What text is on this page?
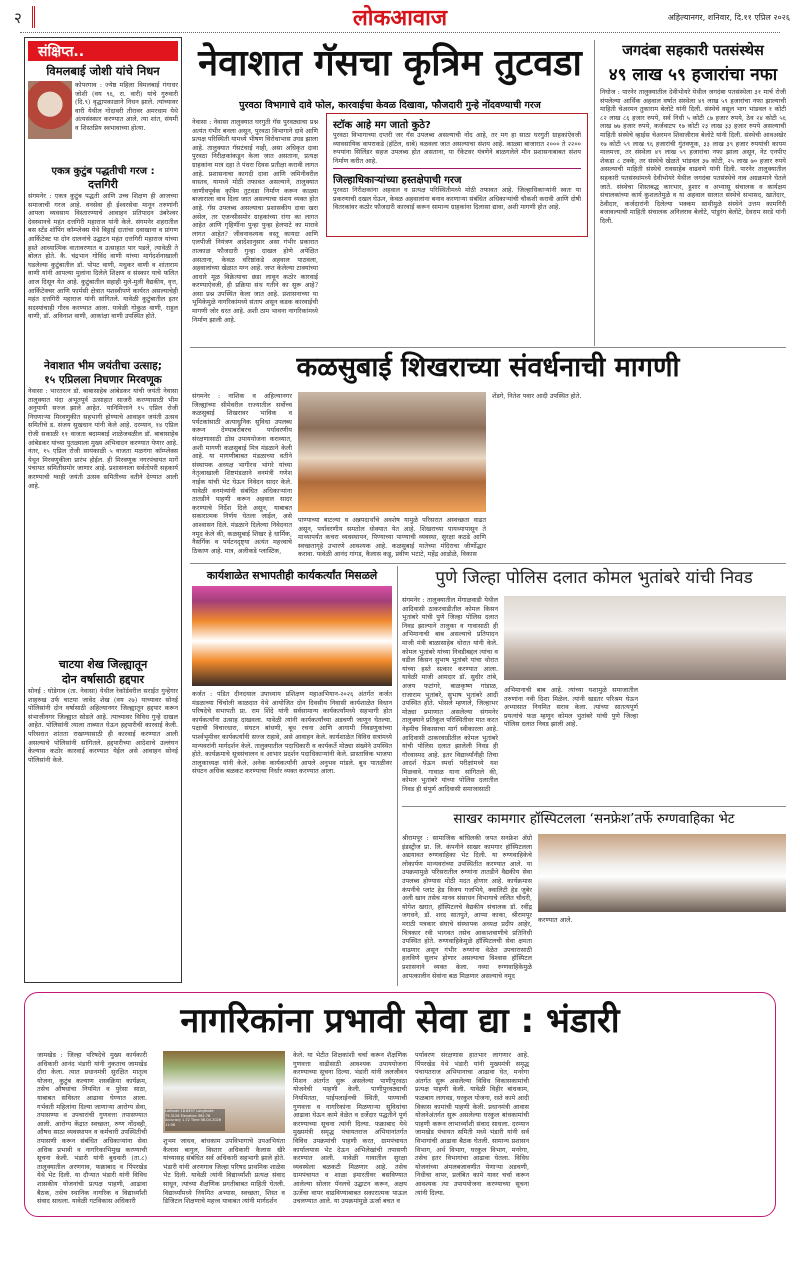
२	लोकआवाज	अहिल्यानगर, शनिवार, दि.११ एप्रिल २०२६
संक्षिप्त..
विमलबाई जोशी यांचे निधन
कोपरगाव : ज्येष्ठ महिला विमलबाई गंगाधर जोशी (वय ९६, रा. वारी) यांचे गुरुवारी (दि.९) वृद्धापकाळाने निधन झाले. त्यांच्यावर वारी येथील गोदावरी तीरावर अमरधाम येथे अंत्यसंस्कार करण्यात आले. त्या शांत, संयमी व शिस्तप्रिय स्वभावाच्या होत्या.
एकत्र कुटुंब पद्धतीची गरज :
दत्तगिरी
संगमनेर : एकत्र कुटुंब पद्धती आणि उच्च शिक्षण ही आजच्या समाजाची गरज आहे. वनसेवा ही ईश्वरसेवा मानून तरुणांनी आपला व्यवसाय विस्तारण्याचे आवाहन प्रतिपादन उंबरेश्वर देवस्थानचे महंत दत्तगिरी महाराज यांनी केले. संगमनेर शहरातील बस स्टँड शॉपिंग कॉम्प्लेक्स येथे बिठ्ठाई दातांचा दवाखाना व प्रांगण आर्किटेक्ट या दोन दालनांचे उद्घाटन महंत दत्तगिरी महाराज यांच्या हस्ते आध्यात्मिक वातावरणात व उत्साहात पार पडले, त्यावेळी ते बोलत होते. कै. चंद्रभान गोविंद वाणी यांच्या मार्गदर्शनाखाली घडलेल्या कुटुंबातील डॉ. पोपट वाणी, मधुकर वाणी व शांताराम वाणी यांनी आपल्या मुलांना दिलेले शिक्षण व संस्कार याचे फलित आज दिसून येत आहे. कुटुंबातील सहाही मुले-मुली वैद्यकीय, वृत्त, आर्किटेक्चर आणि फार्मसी क्षेत्रात यशस्वीपणे कार्यरत असल्याचेही महंत दत्तगिरी महाराज यांनी सांगितले. यावेळी कुटुंबातील इतर सदस्यांचाही गौरव करण्यात आला. यावेळी गोकुळ वाणी, राहुल वाणी, डॉ. अविनाश वाणी, आकांक्षा वाणी उपस्थित होते.
नेवाशात भीम जयंतीचा उत्साह;
१५ एप्रिलला निघणार मिरवणूक
नेवासा : भारतरत्न डॉ. बाबासाहेब आंबेडकर यांची जयंती नेवासा तालुक्यात यंदा अभूतपूर्व उत्साहात साजरी करण्यासाठी भीम अनुयायी सज्ज झाले आहेत. यानिमित्ताने १५ एप्रिल रोजी निघणाऱ्या मिरवणुकीत सहभागी होण्याचे आवाहन जयंती उत्सव समितीचे ड. संजय सुखधान यांनी केले आहे. दरम्यान, १४ एप्रिल रोजी सकाळी ११ वाजता बदामबाई शाळेजवळील डॉ. बाबासाहेब आंबेडकर यांच्या पुतळ्याला मुख्य अभिवादन करण्यात येणार आहे. नंतर, १५ एप्रिल रोजी सायंकाळी ५ वाजता मळगंगा कॉम्प्लेक्स येथून मिरवणुकीला प्रारंभ होईल. ही मिरवणूक नगरपंचायत मार्गे पंचायत समितीसमोर जाणार आहे. प्रशासनाला सर्वतोपरी सहकार्य करण्याची ग्वाही जयंती उत्सव समितीच्या वतीने देण्यात आली आहे.
चाटया शेख जिल्ह्यातून
दोन वर्षासाठी हद्दपार
सोनई : घोडेगाव (ता. नेवासा) येथील रेकॉर्डवरील सराईत गुन्हेगार शाहरुख उर्फ चाटया जावेद शेख (वय २७) याच्यावर सोनई पोलिसांनी दोन वर्षासाठी अहिल्यानगर जिल्ह्यातून हद्दपार करून संभाजीनगर जिल्ह्यात सोडले आहे. त्याच्यावर विविध गुन्हे दाखल आहेत. पोलिसांनी त्याला ताब्यात घेऊन हद्दपारीची कारवाई केली. परिसरात शांतता राखण्यासाठी ही कारवाई करण्यात आली असल्याचे पोलिसांनी सांगितले. हद्दपारीच्या आदेशाचे उल्लंघन केल्यास कठोर कारवाई करण्यात येईल असे आवाहन सोनई पोलिसांनी केले.
नेवाशात गॅसचा कृत्रिम तुटवडा
पुरवठा विभागाचे दावे फोल, कारवाईचा केवळ दिखावा, फौजदारी गुन्हे नोंदवण्याची गरज
नेवासा : नेवासा तालुक्यात घरगुती गॅस पुरवठ्याचा प्रश्न अत्यंत गंभीर बनला असून, पुरवठा विभागाने दावे आणि प्रत्यक्ष परिस्थिती यामध्ये भीषण विरोधाभास उघड झाला आहे. तालुक्यात गॅसटंचाई नाही, असा अधिकृत दावा पुरवठा निरीक्षकांकडून केला जात असताना, प्रत्यक्ष ग्राहकांना मात्र दहा ते पंधरा दिवस प्रतीक्षा करावी लागत आहे. प्रशासनाचा कागदी दावा आणि जमिनीवरील वास्तव, यामध्ये मोठी तफावत असल्याने, तालुक्यात जाणीवपूर्वक कृत्रिम तुटवडा निर्माण करून काळ्या बाजाराला वाव दिला जात असल्याचा संशय व्यक्त होत आहे. गॅस उपलब्ध असल्याचा प्रशासकीय दावा खरा असेल, तर एजन्सीसमोर ग्राहकांच्या रांगा का लागत आहेत आणि गृहिणींना पुन्हा पुन्हा हेलपाटे का मारावे लागत आहेत? जीवनावश्यक वस्तू कायदा आणि एलपीजी नियंत्रण आदेशानुसार असा गंभीर प्रकारात तात्काळ फौजदारी गुन्हा दाखल होणे अपेक्षित असताना, केवळ वरिष्ठांकडे अहवाल पाठवला, अहवालांच्या खेळात मग्न आहे. जप्त केलेल्या टाक्यांच्या आधारे मूळ विक्रेत्याचा छडा लावून कठोर कारवाई करण्याऐवजी, ही प्रक्रिया संथ गतीने का सुरू आहे? असा प्रश्न उपस्थित केला जात आहे. प्रशासनाच्या या भूमिकेमुळे नागरिकांमध्ये संताप असून कडक कारवाईची मागणी जोर धरत आहे. अशी ठाम भावना नागरिकांमध्ये निर्माण झाली आहे.
स्टॉक आहे मग जातो कुठे?
पुरवठा विभागाच्या दप्तरी जर गॅस उपलब्ध असल्याची नोंद आहे, तर मग हा साठा घरगुती ग्राहकांऐवजी व्यावसायिक वापराकडे (हॉटेल, धाबे) वळवला जात असल्याचा संशय आहे. काळ्या बाजारात २००० ते २२०० रुपयांना सिलिंडर सहज उपलब्ध होत असताना, या रॅकेटवर यंत्रणेने बाळगलेले मौन प्रशासनाबाबत संशय निर्माण करीत आहे.
जिल्हाधिकाऱ्यांच्या हस्तक्षेपाची गरज
पुरवठा निरीक्षकांना अहवाल व प्रत्यक्ष परिस्थितीमध्ये मोठी तफावत आहे. जिल्हाधिकाऱ्यांनी स्वतः या प्रकरणाची दखल घेऊन, केवळ अहवालांना बनाव करणाऱ्या संबंधित अधिकाऱ्यांची चौकशी करावी आणि दोषी वितरकांवर कठोर फौजदारी कारवाई करून सामान्य ग्राहकांना दिलासा द्यावा, अशी मागणी होत आहे.
जगदंबा सहकारी पतसंस्थेस
४९ लाख ५९ हजारांचा नफा
निघोज : पारनेर तालुक्यातील देवीभोयरे येथील जगदंबा पतसंस्थेला ३१ मार्च रोजी संपलेल्या आर्थिक अहवाल वर्षात संस्थेला ४९ लाख ५९ हजारांचा नफा झाल्याची माहिती चेअरमन तुकाराम बेलोटे यांनी दिली. संस्थेचे वसूल भाग भांडवल १ कोटी ८२ लाख ८६ हजार रुपये, सर्व निधी ५ कोटी ८७ हजार रुपये, ठेव २४ कोटी ५६ लाख ७७ हजार रुपये, कर्जवाटप १७ कोटी २३ लाख ३३ हजार रुपये असल्याची माहिती संस्थेचे व्हाईस चेअरमन शिवाजीराव बेलोटे यांनी दिली. संस्थेची आवअखेर १७ कोटी ५९ लाख ९६ हजारांची गुंतवणूक, ३३ लाख ३९ हजार रुपयांची कायम मालमत्ता, तर संस्थेला ४९ लाख ५९ हजारांचा नफा झाला असून, नेट एनपीए शेकडा ८ टक्के, तर संस्थेचे खेळते भांडवल ३७ कोटी, २५ लाख ७० हजार रुपये असल्याची माहिती संस्थेचे रावसाहेब वाढवणे यांनी दिली. पारनेर तालुक्यातील सहकारी पतसंस्थांमध्ये देवीभोयरे येथील जगदंबा पतसंस्थेचे नाव अग्रक्रमाने घेतले जाते. संस्थेचा शिस्तबद्ध कारभार, हुशार व अभ्यासू संचालक व कार्यक्षम संचालकांच्या कार्य कुशलतेमुळे व या अहवाल सालात संस्थेचे सभासद, खातेदार, ठेवीदार, कर्जदारांनी दिलेल्या भक्कम साथीमुळे संस्थेने उत्तम कामगिरी बजावल्याची माहिती संचालक अनिलराव बेलोटे, पांडुरंग बेलोटे, देवराम सरडे यांनी दिली.
कळसुबाई शिखराच्या संवर्धनाची मागणी
संगमनेर : नाशिक व अहिल्यानगर जिल्ह्यांच्या सीमेवरील राज्यातील सर्वोच्च कळसुबाई शिखरावर भाविक व पर्यटकांसाठी अत्याधुनिक सुविधा उपलब्ध करून देण्याबरोबरच पर्यावरणीय संरक्षणासाठी ठोस उपाययोजना कराव्यात, अशी मागणी कळसुबाई मित्र मंडळाने केली आहे. या मागणीबाबत मंडळाच्या वतीने संस्थापक अध्यक्ष भागीरथ भांगरे यांच्या नेतृत्वाखाली शिष्टमंडळाने वनमंत्री गणेश नाईक यांची भेट घेऊन निवेदन सादर केले. यावेळी वनमंत्र्यांनी संबंधित अधिकाऱ्यांना तातडीने पाहणी करून अहवाल सादर करण्याचे निर्देश दिले असून, याबाबत सकारात्मक निर्णय घेतला जाईल, असे आश्वासन दिले. मंडळाने दिलेल्या निवेदनात नमूद केले की, कळसुबाई शिखर हे धार्मिक, नैसर्गिक व पर्यटनदृष्ट्या अत्यंत महत्त्वाचे ठिकाण आहे. मात्र, अलीकडे प्लास्टिक,
पाण्याच्या बाटल्या व अन्नपदार्थांचे अवशेष यामुळे परिसरात अस्वच्छता वाढत असून, पर्यावरणीय समतोल धोक्यात येत आहे. शिखराच्या पायथ्यापासून ते माथ्यापर्यंत कचरा व्यवस्थापन, पिण्याच्या पाण्याची व्यवस्था, सुरक्षा कठडे आणि स्वच्छतागृहे उभारणे आवश्यक आहे. कळसुबाई मातेच्या मंदिराचा जीर्णोद्धार करावा. यावेळी आनंद गांगड, कैलास कडू, प्रवीण भटाटे, महेंद्र आडोळे, विकास
शेंडगे, नितेश पवार आदी उपस्थित होते.
कार्यशाळेत सभापतीही कार्यकर्त्यांत मिसळले
कर्जत : पंडित दीनदयाल उपाध्याय प्रशिक्षण महाअभियान-२०२६ अंतर्गत कर्जत मंडळाच्या चिंचोली काळदात येथे आयोजित दोन दिवसीय निवासी कार्यशाळेत विधान परिषदेचे सभापती प्रा. राम शिंदे यांनी सर्वसामान्य कार्यकर्त्यांमध्ये सहभागी होत कार्यकर्त्यांना उत्साह दाखवला. यावेळी त्यांनी कार्यकर्त्यांच्या अडचणी जाणून घेतल्या. पक्षाची विचारधारा, संघटन बांधणी, बूथ रचना आणि आगामी निवडणुकांच्या पार्श्वभूमीवर कार्यकर्त्यांनी सज्ज राहावे, असे आवाहन केले. कार्यशाळेत विविध सत्रांमध्ये मान्यवरांनी मार्गदर्शन केले. तालुक्यातील पदाधिकारी व कार्यकर्ते मोठ्या संख्येने उपस्थित होते. कार्यक्रमाचे सूत्रसंचालन व आभार प्रदर्शन पदाधिकाऱ्यांनी केले. प्रास्ताविक भाजपा तालुकाध्यक्ष यांनी केले. अनेक कार्यकर्त्यांनी आपले अनुभव मांडले. बूथ पातळीवर संघटन अधिक बळकट करण्याचा निर्धार व्यक्त करण्यात आला.
पुणे जिल्हा पोलिस दलात कोमल भुतांबरे यांची निवड
संगमनेर : तालुक्यातील मेंगाळवाडी येथील आदिवासी ठाकरवाडीतील कोमल किसन भुतांबरे यांची पुणे जिल्हा पोलिस दलात निवड झाल्याने तालुका व गावासाठी ही अभिमानाची बाब असल्याचे प्रतिपादन माजी मंत्री बाळासाहेब थोरात यांनी केले. कोमल भुतांबरे यांच्या निवडीबद्दल त्यांचा व वडील किसन सुभाष भुतांबरे यांचा थोरात यांच्या हस्ते सत्कार करण्यात आला. यावेळी माजी आमदार डॉ. सुधीर तांबे, अजय फटांगरे, बाळकृष्ण गांडाळ, राजाराम भुतांबरे, सुभाष भुतांबरे आदी उपस्थित होते. भोसले म्हणाले, जिल्हाभर मोठ्या प्रमाणात असलेल्या संगमनेर तालुक्याने प्रतिकूल परिस्थितीवर मात करत नेहमीच विकासाचा मार्ग स्वीकारला आहे. आदिवासी ठाकरवाडीतील कोमल भुतांबरे यांची पोलिस दलात झालेली निवड ही गौरवास्पद आहे. इतर विद्यार्थ्यांनीही तिचा आदर्श घेऊन स्पर्धा परीक्षांमध्ये यश मिळवावे. गावाळ याना सांगितले की, कोमल भुतांबरे यांच्या पोलिस दलातील निवड ही संपूर्ण आदिवासी समाजासाठी
अभिमानाची बाब आहे. त्यांच्या यशामुळे समाजातील तरुणांना नवी दिशा मिळेल. त्यांनी खडतर परिश्रम घेऊन अभ्यासात नियमित सराव केला. त्यांच्या सातत्यपूर्ण प्रयत्नांचे फळ म्हणून कोमल भुतांबरे यांची पुणे जिल्हा पोलिस दलात निवड झाली आहे.
साखर कामगार हॉस्पिटलला ‘सनफ्रेश’तर्फे रुग्णवाहिका भेट
श्रीरामपूर : सामाजिक बांधिलकी जपत सनफ्रेश ॲग्रो इंडस्ट्रीज प्रा. लि. कंपनीने साखर कामगार हॉस्पिटलला अद्ययावत रुग्णवाहिका भेट दिली. या रुग्णवाहिकेचे लोकार्पण मान्यवरांच्या उपस्थितीत करण्यात आले. या उपक्रमामुळे परिसरातील रुग्णांना तातडीने वैद्यकीय सेवा उपलब्ध होण्यास मोठी मदत होणार आहे. कार्यक्रमास कंपनीचे प्लांट हेड विजय गजभिये, क्वालिटी हेड जुबेर अली खान तसेच मानव संसाधन विभागाचे ललित चौधरी, योगेश खरात, हॉस्पिटलचे वैद्यकीय संचालक डॉ. रवींद्र जगधने, डॉ. शरद सातपुते, आप्पा काका, श्रीरामपूर मराठी पत्रकार संघाचे संस्थापक अध्यक्ष प्रदीप आहेर, चित्रकार रवी भागवत तसेच आकाशवाणीचे प्रतिनिधी उपस्थित होते. रुग्णवाहिकेमुळे हॉस्पिटलची सेवा क्षमता वाढणार असून गंभीर रुग्णांना वेळेत उपचारासाठी हलविणे सुलभ होणार असल्याचा विश्वास हॉस्पिटल प्रशासनाने व्यक्त केला. नव्या रुग्णवाहिकेमुळे आपत्कालीन सेवांना बळ मिळणार असल्याचे नमूद
करण्यात आले.
नागरिकांना प्रभावी सेवा द्या : भंडारी
जामखेड : जिल्हा परिषदेचे मुख्य कार्यकारी अधिकारी आनंद भंडारी यांनी नुकताच जामखेड दौरा केला. त्यात प्रधानमंत्री सुरक्षित मातृत्व योजना, कुटुंब कल्याण शस्त्रक्रिया कार्यक्रम, तसेच औषधांचा नियमित व पुरेसा साठा, याबाबत सविस्तर आढावा घेण्यात आला. गर्भवती महिलांना दिल्या जाणाऱ्या आरोग्य सेवा, तपासण्या व उपचारांची गुणवत्ता तपासण्यात आली. आरोग्य केंद्रात स्वच्छता, रुग्ण नोंदवही, औषध साठा व्यवस्थापन व कर्मचारी उपस्थितीची तपासणी करून संबंधित अधिकाऱ्यांना सेवा अधिक प्रभावी व नागरिकाभिमुख करण्याची सूचना केली. भंडारी यांनी बुधवारी (ता.८) तालुक्यातील अरणगाव, फक्राबाद व पिंपरखेड येथे भेट दिली. या दौऱ्यात भंडारी यांनी विविध शासकीय योजनांची प्रत्यक्ष पाहणी, आढावा बैठक, तसेच स्थानिक नागरिक व विद्यार्थ्यांशी संवाद साधला. यावेळी गटविकास अधिकारी
Latitude 18.6497 Longitude 75.3126 Elevation 562.78 Accuracy 1.72 Time 08-04-2026 11:06
शुभम जाधव, बांधकाम उपविभागाचे उपअभियंता कैलास बागुल, विस्तार अधिकारी कैलास खैरे यांच्यासह संबंधित सर्व अधिकारी सहभागी झाले होते. भंडारी यांनी अरणगाव जिल्हा परिषद प्राथमिक शाळेस भेट दिली. यावेळी त्यांनी विद्यार्थ्यांशी प्रत्यक्ष संवाद साधून, त्यांच्या शैक्षणिक प्रगतीबाबत माहिती घेतली. विद्यार्थ्यांमध्ये नियमित अभ्यास, स्वच्छता, शिस्त व डिजिटल शिक्षणाचे महत्त्व यावाबत त्यांनी मार्गदर्शन
केले. या भेटीत शिक्षकांशी चर्चा करून शैक्षणिक गुणवत्ता वाढीसाठी आवश्यक उपाययोजना करण्याच्या सूचना दिल्या. भंडारी यांनी जलजीवन मिशन अंतर्गत सुरू असलेल्या पाणीपुरवठा योजनेची पाहणी केली. पाणीपुरवठ्याची नियमितता, पाईपलाईनची स्थिती, पाण्याची गुणवत्ता व नागरिकांना मिळणाऱ्या सुविधांचा आढावा घेऊन कामे वेळेत व दर्जेदार पद्धतीने पूर्ण करण्याच्या सूचना त्यांनी दिल्या. फक्राबाद येथे मुख्यमंत्री समृद्ध पंचायतराज अभियानांतर्गत विविध उपक्रमांची पाहणी करत, ग्रामपंचायत कार्यालयास भेट देऊन अभिलेखांची तपासणी करण्यात आली. यावेळी गावातील सुरक्षा व्यवस्थेला बळकटी मिळणार आहे. तसेच ग्रामपंचायत व शाळा इमारतीवर बसविण्यात आलेल्या सोलार पॅनलचे उद्घाटन करून, अक्षय ऊर्जेचा वापर वाढविण्याबाबत सकारात्मक पाऊल उचलण्यात आले. या उपक्रमांमुळे ऊर्जा बचत व
पर्यावरण संरक्षणास हातभार लागणार आहे. पिंपरखेड येथे भंडारी यांनी मुख्यमंत्री समृद्ध पंचायतराज अभियानाचा आढावा घेत, मनरेगा अंतर्गत सुरू असलेल्या विविध विकासकामांची प्रत्यक्ष पाहणी केली. यावेळी विहीर बांधकाम, फळबाग लागवड, घरकुल योजना, रस्ते कामे आदी विकास कामांची पाहणी केली. प्रधानमंत्री आवास योजनेअंतर्गत सुरू असलेल्या घरकुल बांधकामांची पाहणी करून लाभार्थ्यांशी संवाद साधला. दरम्यान जामखेड पंचायत समिती मध्ये भंडारी यांनी सर्व विभागांची आढावा बैठक घेतली. सामान्य प्रशासन विभाग, अर्थ विभाग, घरकुल विभाग, मनरेगा, तसेच इतर विभागांचा आढावा घेतला. विविध योजनांच्या अंमलबजावणीत येणाऱ्या अडचणी, निधीचा वापर, प्रलंबित कामे यावर चर्चा करून आवश्यक त्या उपाययोजना करण्याच्या सूचना त्यांनी दिल्या.
